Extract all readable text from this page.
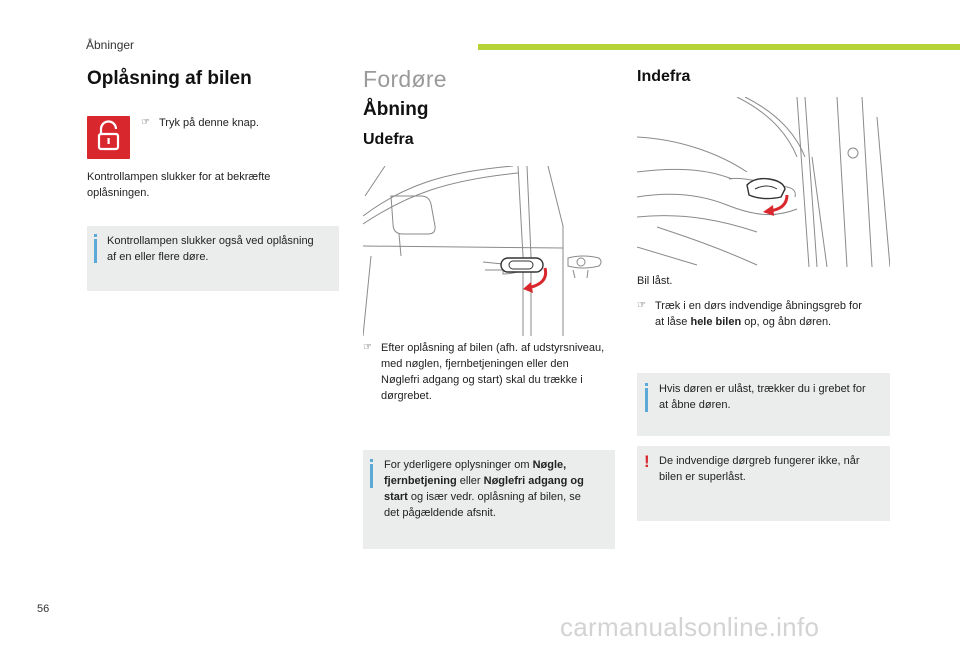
Åbninger
Oplåsning af bilen
☞ Tryk på denne knap.
Kontrollampen slukker for at bekræfte oplåsningen.
Kontrollampen slukker også ved oplåsning
af en eller flere døre.
Fordøre
Åbning
Udefra
☞ Efter oplåsning af bilen (afh. af udstyrsniveau,
med nøglen, fjernbetjeningen eller den
Nøglefri adgang og start) skal du trække i
dørgrebet.
For yderligere oplysninger om Nøgle,
fjernbetjening eller Nøglefri adgang og
start og især vedr. oplåsning af bilen, se
det pågældende afsnit.
Indefra
Bil låst.
☞ Træk i en dørs indvendige åbningsgreb for
at låse hele bilen op, og åbn døren.
Hvis døren er ulåst, trækker du i grebet for
at åbne døren.
! De indvendige dørgreb fungerer ikke, når
bilen er superlåst.
56
carmanualsonline.info
